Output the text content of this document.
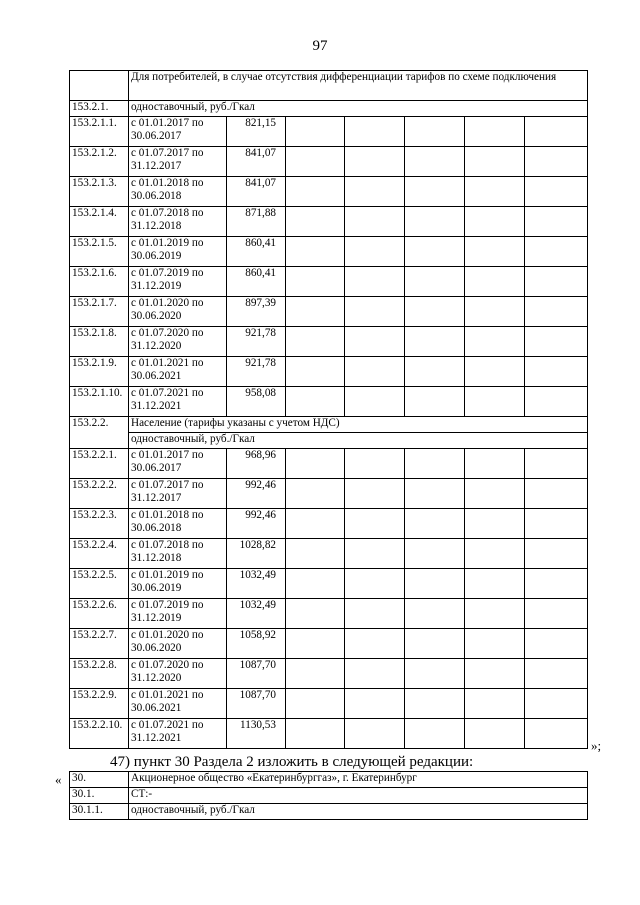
97
	Для потребителей, в случае отсутствия дифференциации тарифов по схеме подключения						
153.2.1.	одноставочный, руб./Гкал						
153.2.1.1.	с 01.01.2017 по 30.06.2017	821,15					
153.2.1.2.	с 01.07.2017 по 31.12.2017	841,07					
153.2.1.3.	с 01.01.2018 по 30.06.2018	841,07					
153.2.1.4.	с 01.07.2018 по 31.12.2018	871,88					
153.2.1.5.	с 01.01.2019 по 30.06.2019	860,41					
153.2.1.6.	с 01.07.2019 по 31.12.2019	860,41					
153.2.1.7.	с 01.01.2020 по 30.06.2020	897,39					
153.2.1.8.	с 01.07.2020 по 31.12.2020	921,78					
153.2.1.9.	с 01.01.2021 по 30.06.2021	921,78					
153.2.1.10.	с 01.07.2021 по 31.12.2021	958,08					
153.2.2.	Население (тарифы указаны с учетом НДС)						
	одноставочный, руб./Гкал						
153.2.2.1.	с 01.01.2017 по 30.06.2017	968,96					
153.2.2.2.	с 01.07.2017 по 31.12.2017	992,46					
153.2.2.3.	с 01.01.2018 по 30.06.2018	992,46					
153.2.2.4.	с 01.07.2018 по 31.12.2018	1028,82					
153.2.2.5.	с 01.01.2019 по 30.06.2019	1032,49					
153.2.2.6.	с 01.07.2019 по 31.12.2019	1032,49					
153.2.2.7.	с 01.01.2020 по 30.06.2020	1058,92					
153.2.2.8.	с 01.07.2020 по 31.12.2020	1087,70					
153.2.2.9.	с 01.01.2021 по 30.06.2021	1087,70					
153.2.2.10.	с 01.07.2021 по 31.12.2021	1130,53					
»;
47) пункт 30 Раздела 2 изложить в следующей редакции:
« 30.	Акционерное общество «Екатеринбурггаз», г. Екатеринбург
30.1.	СТ:-
30.1.1.	одноставочный, руб./Гкал
